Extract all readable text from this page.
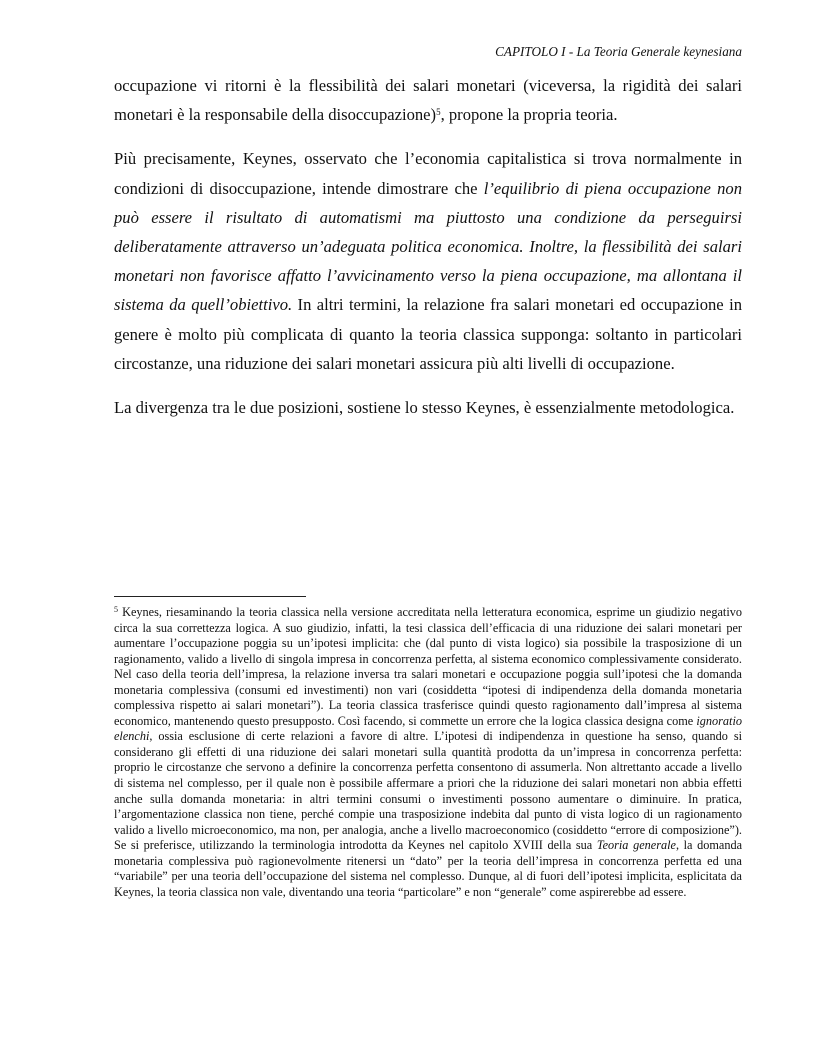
CAPITOLO I - La Teoria Generale keynesiana

occupazione vi ritorni è la flessibilità dei salari monetari (viceversa, la rigidità dei salari monetari è la responsabile della disoccupazione)$^5$, propone la propria teoria.

Più precisamente, Keynes, osservato che l’economia capitalistica si trova normalmente in condizioni di disoccupazione, intende dimostrare che l’equilibrio di piena occupazione non può essere il risultato di automatismi ma piuttosto una condizione da perseguirsi deliberatamente attraverso un’adeguata politica economica. Inoltre, la flessibilità dei salari monetari non favorisce affatto l’avvicinamento verso la piena occupazione, ma allontana il sistema da quell’obiettivo. In altri termini, la relazione fra salari monetari ed occupazione in genere è molto più complicata di quanto la teoria classica supponga: soltanto in particolari circostanze, una riduzione dei salari monetari assicura più alti livelli di occupazione.

La divergenza tra le due posizioni, sostiene lo stesso Keynes, è essenzialmente metodologica.

$^5$ Keynes, riesaminando la teoria classica nella versione accreditata nella letteratura economica, esprime un giudizio negativo circa la sua correttezza logica. A suo giudizio, infatti, la tesi classica dell’efficacia di una riduzione dei salari monetari per aumentare l’occupazione poggia su un’ipotesi implicita: che (dal punto di vista logico) sia possibile la trasposizione di un ragionamento, valido a livello di singola impresa in concorrenza perfetta, al sistema economico complessivamente considerato. Nel caso della teoria dell’impresa, la relazione inversa tra salari monetari e occupazione poggia sull’ipotesi che la domanda monetaria complessiva (consumi ed investimenti) non vari (cosiddetta “ipotesi di indipendenza della domanda monetaria complessiva rispetto ai salari monetari”). La teoria classica trasferisce quindi questo ragionamento dall’impresa al sistema economico, mantenendo questo presupposto. Così facendo, si commette un errore che la logica classica designa come ignoratio elenchi, ossia esclusione di certe relazioni a favore di altre. L’ipotesi di indipendenza in questione ha senso, quando si considerano gli effetti di una riduzione dei salari monetari sulla quantità prodotta da un’impresa in concorrenza perfetta: proprio le circostanze che servono a definire la concorrenza perfetta consentono di assumerla. Non altrettanto accade a livello di sistema nel complesso, per il quale non è possibile affermare a priori che la riduzione dei salari monetari non abbia effetti anche sulla domanda monetaria: in altri termini consumi o investimenti possono aumentare o diminuire. In pratica, l’argomentazione classica non tiene, perché compie una trasposizione indebita dal punto di vista logico di un ragionamento valido a livello microeconomico, ma non, per analogia, anche a livello macroeconomico (cosiddetto “errore di composizione”). Se si preferisce, utilizzando la terminologia introdotta da Keynes nel capitolo XVIII della sua Teoria generale, la domanda monetaria complessiva può ragionevolmente ritenersi un “dato” per la teoria dell’impresa in concorrenza perfetta ed una “variabile” per una teoria dell’occupazione del sistema nel complesso. Dunque, al di fuori dell’ipotesi implicita, esplicitata da Keynes, la teoria classica non vale, diventando una teoria “particolare” e non “generale” come aspirerebbe ad essere.
